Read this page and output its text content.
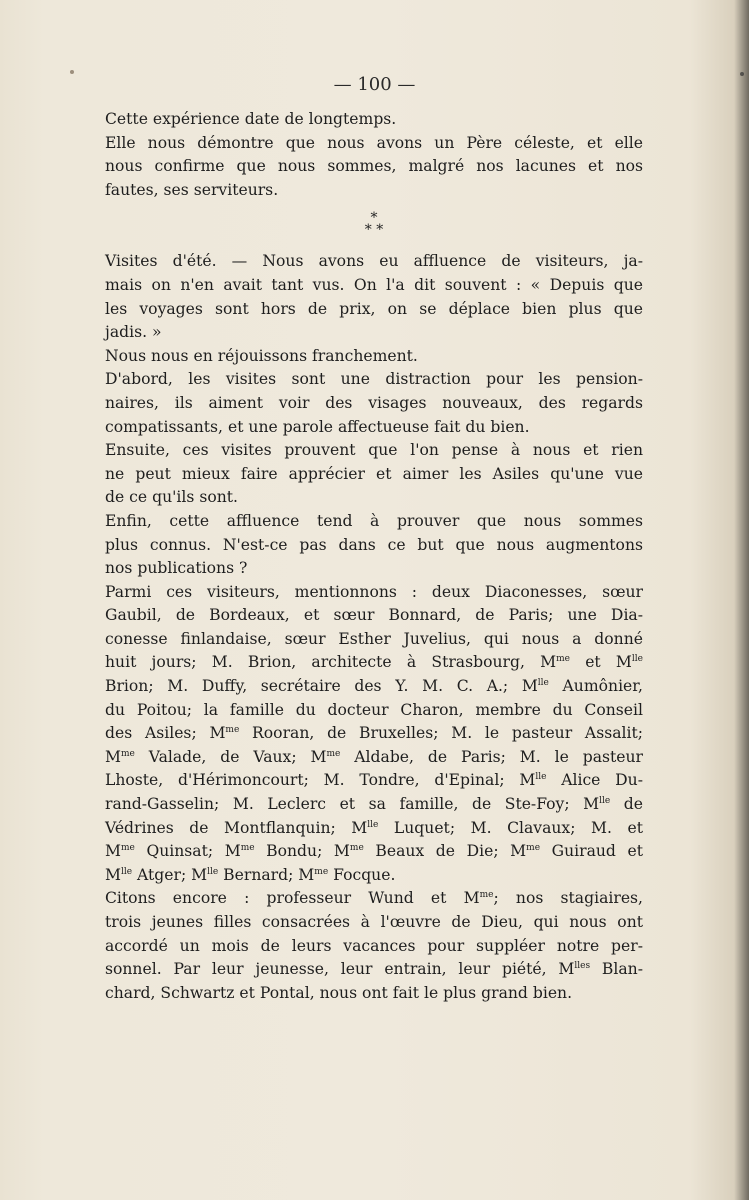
— 100 —
Cette expérience date de longtemps.
Elle nous démontre que nous avons un Père céleste, et elle
nous confirme que nous sommes, malgré nos lacunes et nos
fautes, ses serviteurs.
*
* *
Visites d'été. — Nous avons eu affluence de visiteurs, ja-
mais on n'en avait tant vus. On l'a dit souvent : « Depuis que
les voyages sont hors de prix, on se déplace bien plus que
jadis. »
Nous nous en réjouissons franchement.
D'abord, les visites sont une distraction pour les pension-
naires, ils aiment voir des visages nouveaux, des regards
compatissants, et une parole affectueuse fait du bien.
Ensuite, ces visites prouvent que l'on pense à nous et rien
ne peut mieux faire apprécier et aimer les Asiles qu'une vue
de ce qu'ils sont.
Enfin, cette affluence tend à prouver que nous sommes
plus connus. N'est-ce pas dans ce but que nous augmentons
nos publications ?
Parmi ces visiteurs, mentionnons : deux Diaconesses, sœur
Gaubil, de Bordeaux, et sœur Bonnard, de Paris; une Dia-
conesse finlandaise, sœur Esther Juvelius, qui nous a donné
huit jours; M. Brion, architecte à Strasbourg, $M^{me}$ et $M^{lle}$
Brion; M. Duffy, secrétaire des Y. M. C. A.; $M^{lle}$ Aumônier,
du Poitou; la famille du docteur Charon, membre du Conseil
des Asiles; $M^{me}$ Rooran, de Bruxelles; M. le pasteur Assalit;
$M^{me}$ Valade, de Vaux; $M^{me}$ Aldabe, de Paris; M. le pasteur
Lhoste, d'Hérimoncourt; M. Tondre, d'Epinal; $M^{lle}$ Alice Du-
rand-Gasselin; M. Leclerc et sa famille, de Ste-Foy; $M^{lle}$ de
Védrines de Montflanquin; $M^{lle}$ Luquet; M. Clavaux; M. et
$M^{me}$ Quinsat; $M^{me}$ Bondu; $M^{me}$ Beaux de Die; $M^{me}$ Guiraud et
$M^{lle}$ Atger; $M^{lle}$ Bernard; $M^{me}$ Focque.
Citons encore : professeur Wund et $M^{me}$; nos stagiaires,
trois jeunes filles consacrées à l'œuvre de Dieu, qui nous ont
accordé un mois de leurs vacances pour suppléer notre per-
sonnel. Par leur jeunesse, leur entrain, leur piété, $M^{lles}$ Blan-
chard, Schwartz et Pontal, nous ont fait le plus grand bien.
